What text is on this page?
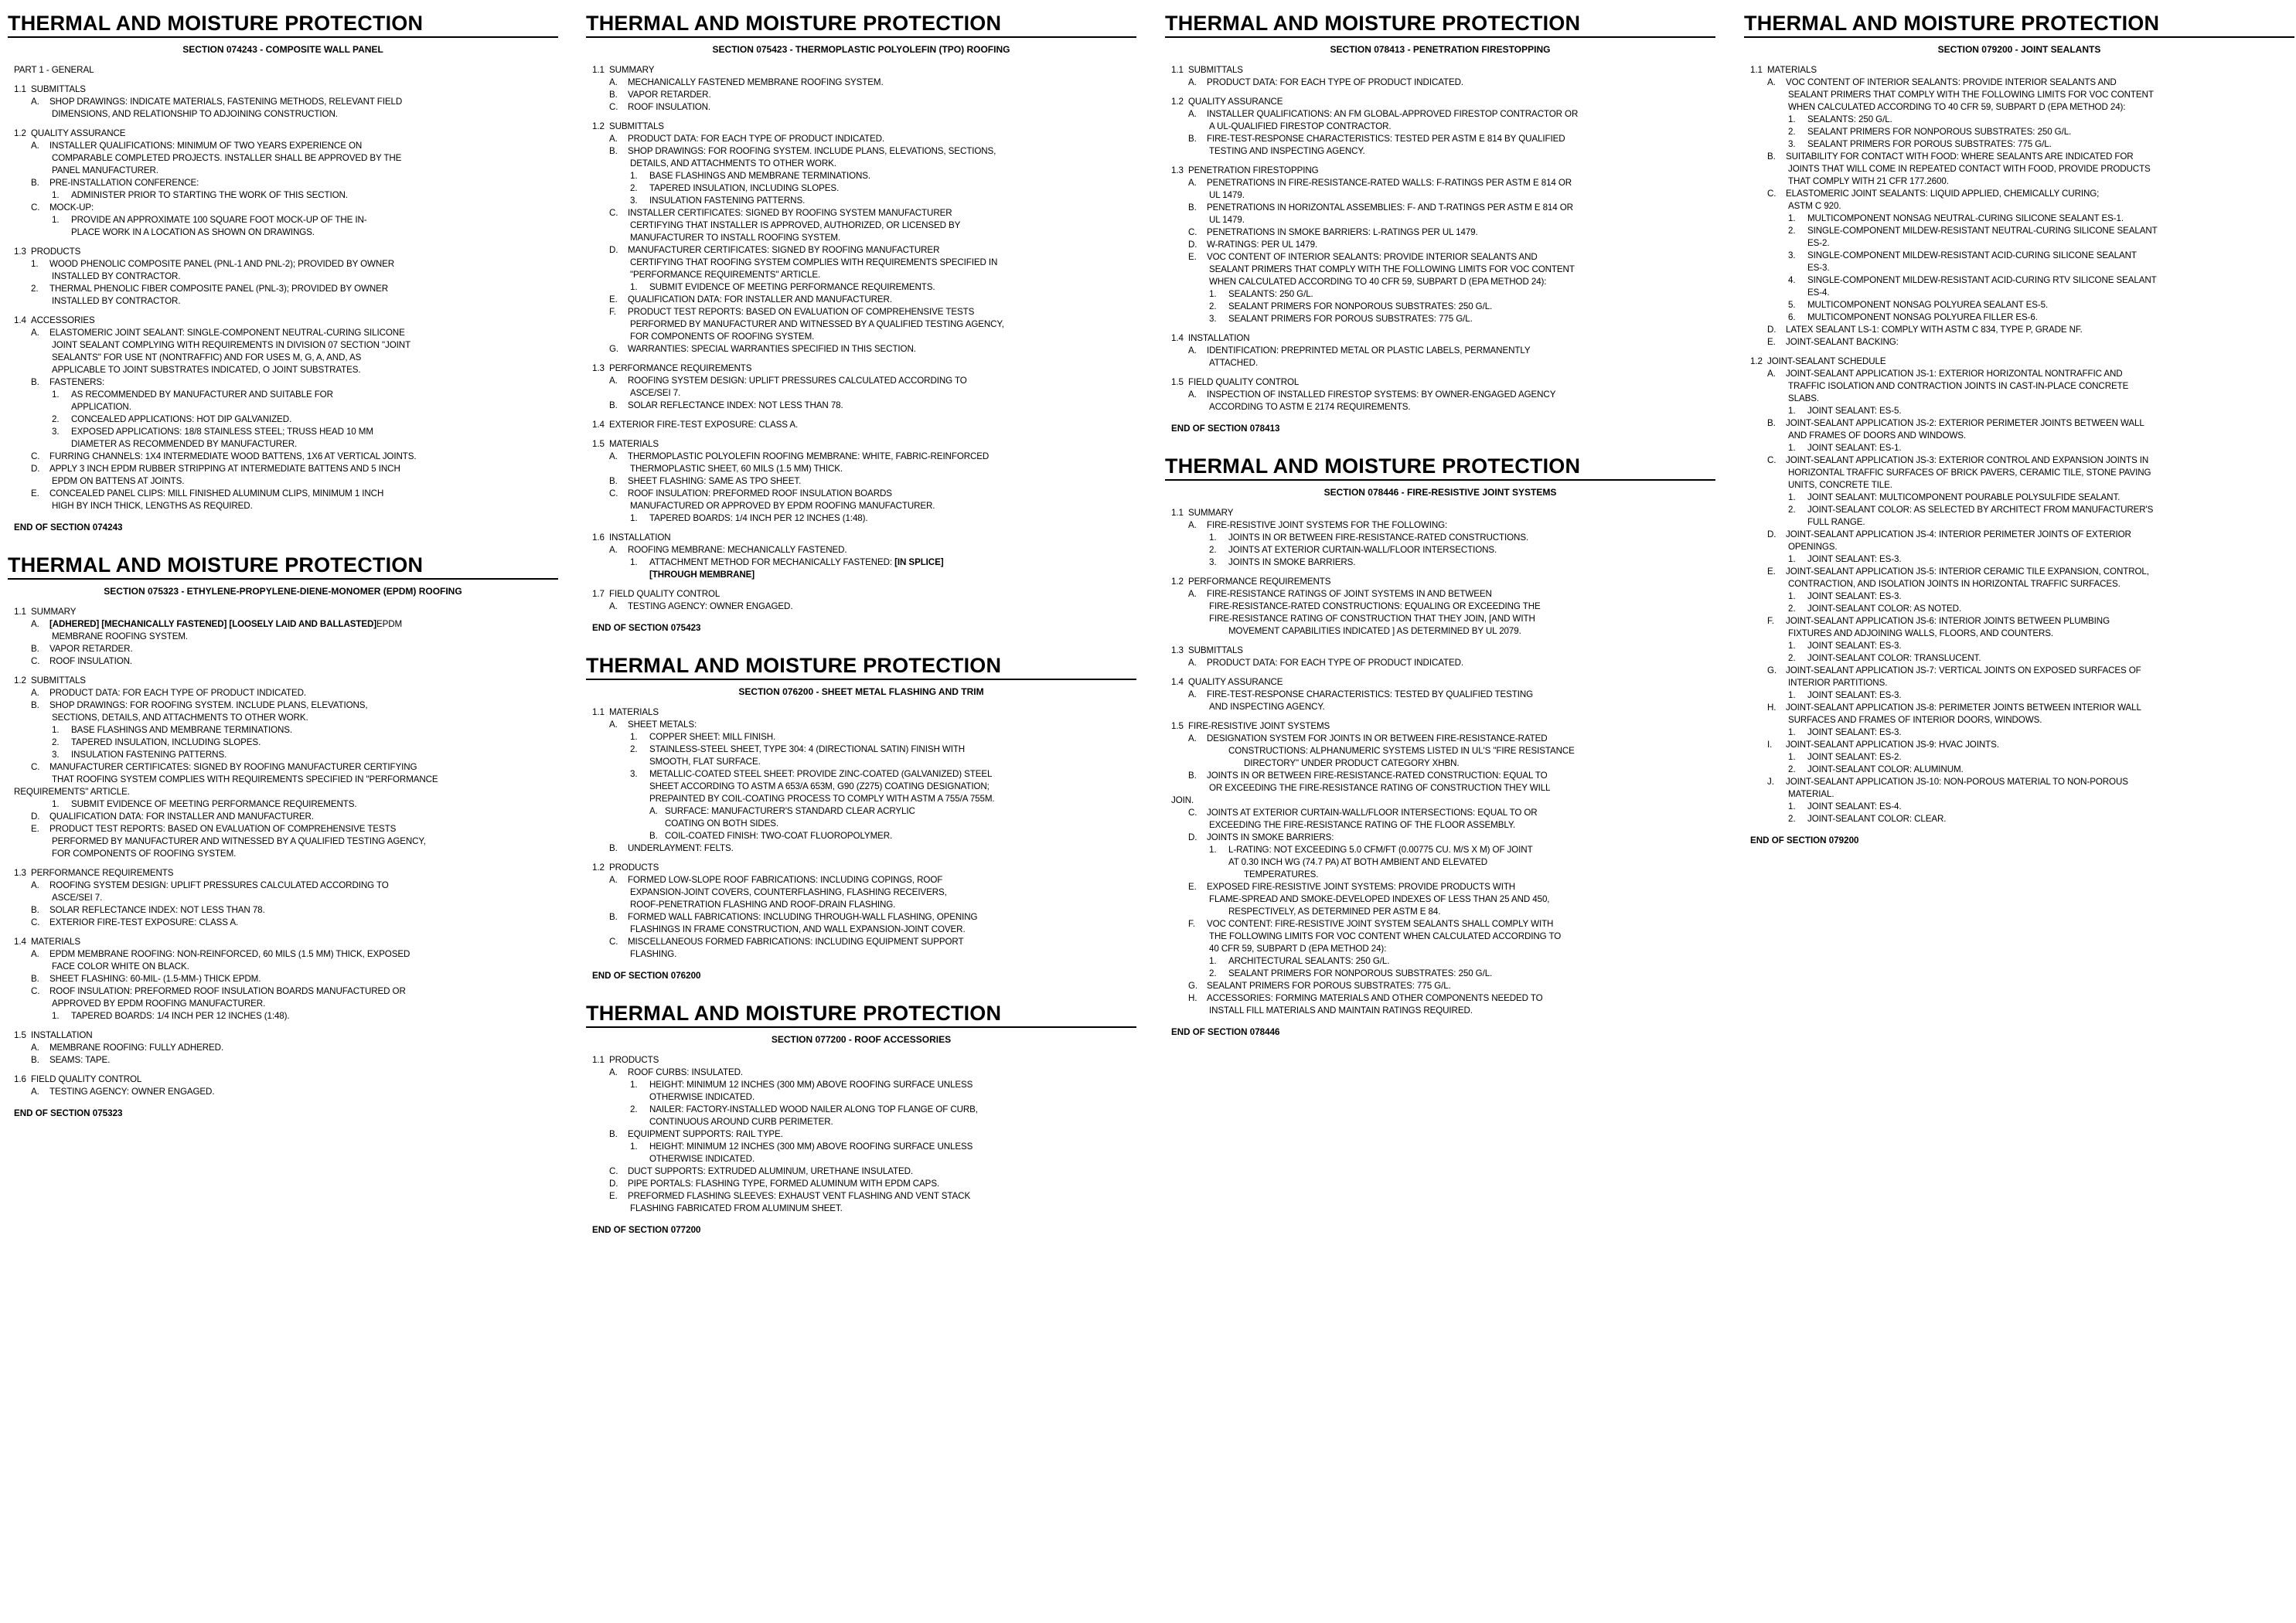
THERMAL AND MOISTURE PROTECTION
SECTION 074243 - COMPOSITE WALL PANEL
PART 1 - GENERAL
1.1 SUBMITTALS
A. SHOP DRAWINGS: INDICATE MATERIALS, FASTENING METHODS, RELEVANT FIELD
DIMENSIONS, AND RELATIONSHIP TO ADJOINING CONSTRUCTION.
1.2 QUALITY ASSURANCE
A. INSTALLER QUALIFICATIONS: MINIMUM OF TWO YEARS EXPERIENCE ON
COMPARABLE COMPLETED PROJECTS. INSTALLER SHALL BE APPROVED BY THE
PANEL MANUFACTURER.
B. PRE-INSTALLATION CONFERENCE:
1. ADMINISTER PRIOR TO STARTING THE WORK OF THIS SECTION.
C. MOCK-UP:
1. PROVIDE AN APPROXIMATE 100 SQUARE FOOT MOCK-UP OF THE IN-
PLACE WORK IN A LOCATION AS SHOWN ON DRAWINGS.
1.3 PRODUCTS
1. WOOD PHENOLIC COMPOSITE PANEL (PNL-1 AND PNL-2); PROVIDED BY OWNER
INSTALLED BY CONTRACTOR.
2. THERMAL PHENOLIC FIBER COMPOSITE PANEL (PNL-3); PROVIDED BY OWNER
INSTALLED BY CONTRACTOR.
1.4 ACCESSORIES
A. ELASTOMERIC JOINT SEALANT: SINGLE-COMPONENT NEUTRAL-CURING SILICONE
JOINT SEALANT COMPLYING WITH REQUIREMENTS IN DIVISION 07 SECTION "JOINT
SEALANTS" FOR USE NT (NONTRAFFIC) AND FOR USES M, G, A, AND, AS
APPLICABLE TO JOINT SUBSTRATES INDICATED, O JOINT SUBSTRATES.
B. FASTENERS:
1. AS RECOMMENDED BY MANUFACTURER AND SUITABLE FOR
APPLICATION.
2. CONCEALED APPLICATIONS: HOT DIP GALVANIZED.
3. EXPOSED APPLICATIONS: 18/8 STAINLESS STEEL; TRUSS HEAD 10 MM
DIAMETER AS RECOMMENDED BY MANUFACTURER.
C. FURRING CHANNELS: 1X4 INTERMEDIATE WOOD BATTENS, 1X6 AT VERTICAL JOINTS.
D. APPLY 3 INCH EPDM RUBBER STRIPPING AT INTERMEDIATE BATTENS AND 5 INCH
EPDM ON BATTENS AT JOINTS.
E. CONCEALED PANEL CLIPS: MILL FINISHED ALUMINUM CLIPS, MINIMUM 1 INCH
HIGH BY INCH THICK, LENGTHS AS REQUIRED.
END OF SECTION 074243
THERMAL AND MOISTURE PROTECTION
SECTION 075323 - ETHYLENE-PROPYLENE-DIENE-MONOMER (EPDM) ROOFING
1.1 SUMMARY
A. [ADHERED] [MECHANICALLY FASTENED] [LOOSELY LAID AND BALLASTED]EPDM
MEMBRANE ROOFING SYSTEM.
B. VAPOR RETARDER.
C. ROOF INSULATION.
1.2 SUBMITTALS
A. PRODUCT DATA: FOR EACH TYPE OF PRODUCT INDICATED.
B. SHOP DRAWINGS: FOR ROOFING SYSTEM. INCLUDE PLANS, ELEVATIONS,
SECTIONS, DETAILS, AND ATTACHMENTS TO OTHER WORK.
1. BASE FLASHINGS AND MEMBRANE TERMINATIONS.
2. TAPERED INSULATION, INCLUDING SLOPES.
3. INSULATION FASTENING PATTERNS.
C. MANUFACTURER CERTIFICATES: SIGNED BY ROOFING MANUFACTURER CERTIFYING
THAT ROOFING SYSTEM COMPLIES WITH REQUIREMENTS SPECIFIED IN "PERFORMANCE
REQUIREMENTS" ARTICLE.
1. SUBMIT EVIDENCE OF MEETING PERFORMANCE REQUIREMENTS.
D. QUALIFICATION DATA: FOR INSTALLER AND MANUFACTURER.
E. PRODUCT TEST REPORTS: BASED ON EVALUATION OF COMPREHENSIVE TESTS
PERFORMED BY MANUFACTURER AND WITNESSED BY A QUALIFIED TESTING AGENCY,
FOR COMPONENTS OF ROOFING SYSTEM.
1.3 PERFORMANCE REQUIREMENTS
A. ROOFING SYSTEM DESIGN: UPLIFT PRESSURES CALCULATED ACCORDING TO
ASCE/SEI 7.
B. SOLAR REFLECTANCE INDEX: NOT LESS THAN 78.
C. EXTERIOR FIRE-TEST EXPOSURE: CLASS A.
1.4 MATERIALS
A. EPDM MEMBRANE ROOFING: NON-REINFORCED, 60 MILS (1.5 MM) THICK, EXPOSED
FACE COLOR WHITE ON BLACK.
B. SHEET FLASHING: 60-MIL- (1.5-MM-) THICK EPDM.
C. ROOF INSULATION: PREFORMED ROOF INSULATION BOARDS MANUFACTURED OR
APPROVED BY EPDM ROOFING MANUFACTURER.
1. TAPERED BOARDS: 1/4 INCH PER 12 INCHES (1:48).
1.5 INSTALLATION
A. MEMBRANE ROOFING: FULLY ADHERED.
B. SEAMS: TAPE.
1.6 FIELD QUALITY CONTROL
A. TESTING AGENCY: OWNER ENGAGED.
END OF SECTION 075323
THERMAL AND MOISTURE PROTECTION
SECTION 075423 - THERMOPLASTIC POLYOLEFIN (TPO) ROOFING
1.1 SUMMARY
A. MECHANICALLY FASTENED MEMBRANE ROOFING SYSTEM.
B. VAPOR RETARDER.
C. ROOF INSULATION.
1.2 SUBMITTALS
A. PRODUCT DATA: FOR EACH TYPE OF PRODUCT INDICATED.
B. SHOP DRAWINGS: FOR ROOFING SYSTEM. INCLUDE PLANS, ELEVATIONS, SECTIONS,
DETAILS, AND ATTACHMENTS TO OTHER WORK.
1. BASE FLASHINGS AND MEMBRANE TERMINATIONS.
2. TAPERED INSULATION, INCLUDING SLOPES.
3. INSULATION FASTENING PATTERNS.
C. INSTALLER CERTIFICATES: SIGNED BY ROOFING SYSTEM MANUFACTURER
CERTIFYING THAT INSTALLER IS APPROVED, AUTHORIZED, OR LICENSED BY
MANUFACTURER TO INSTALL ROOFING SYSTEM.
D. MANUFACTURER CERTIFICATES: SIGNED BY ROOFING MANUFACTURER
CERTIFYING THAT ROOFING SYSTEM COMPLIES WITH REQUIREMENTS SPECIFIED IN
"PERFORMANCE REQUIREMENTS" ARTICLE.
1. SUBMIT EVIDENCE OF MEETING PERFORMANCE REQUIREMENTS.
E. QUALIFICATION DATA: FOR INSTALLER AND MANUFACTURER.
F. PRODUCT TEST REPORTS: BASED ON EVALUATION OF COMPREHENSIVE TESTS
PERFORMED BY MANUFACTURER AND WITNESSED BY A QUALIFIED TESTING AGENCY,
FOR COMPONENTS OF ROOFING SYSTEM.
G. WARRANTIES: SPECIAL WARRANTIES SPECIFIED IN THIS SECTION.
1.3 PERFORMANCE REQUIREMENTS
A. ROOFING SYSTEM DESIGN: UPLIFT PRESSURES CALCULATED ACCORDING TO
ASCE/SEI 7.
B. SOLAR REFLECTANCE INDEX: NOT LESS THAN 78.
1.4 EXTERIOR FIRE-TEST EXPOSURE: CLASS A.
1.5 MATERIALS
A. THERMOPLASTIC POLYOLEFIN ROOFING MEMBRANE: WHITE, FABRIC-REINFORCED
THERMOPLASTIC SHEET, 60 MILS (1.5 MM) THICK.
B. SHEET FLASHING: SAME AS TPO SHEET.
C. ROOF INSULATION: PREFORMED ROOF INSULATION BOARDS
MANUFACTURED OR APPROVED BY EPDM ROOFING MANUFACTURER.
1. TAPERED BOARDS: 1/4 INCH PER 12 INCHES (1:48).
1.6 INSTALLATION
A. ROOFING MEMBRANE: MECHANICALLY FASTENED.
1. ATTACHMENT METHOD FOR MECHANICALLY FASTENED: [IN SPLICE]
[THROUGH MEMBRANE]
1.7 FIELD QUALITY CONTROL
A. TESTING AGENCY: OWNER ENGAGED.
END OF SECTION 075423
THERMAL AND MOISTURE PROTECTION
SECTION 076200 - SHEET METAL FLASHING AND TRIM
1.1 MATERIALS
A. SHEET METALS:
1. COPPER SHEET: MILL FINISH.
2. STAINLESS-STEEL SHEET, TYPE 304: 4 (DIRECTIONAL SATIN) FINISH WITH
SMOOTH, FLAT SURFACE.
3. METALLIC-COATED STEEL SHEET: PROVIDE ZINC-COATED (GALVANIZED) STEEL
SHEET ACCORDING TO ASTM A 653/A 653M, G90 (Z275) COATING DESIGNATION;
PREPAINTED BY COIL-COATING PROCESS TO COMPLY WITH ASTM A 755/A 755M.
A. SURFACE: MANUFACTURER'S STANDARD CLEAR ACRYLIC
COATING ON BOTH SIDES.
B. COIL-COATED FINISH: TWO-COAT FLUOROPOLYMER.
B. UNDERLAYMENT: FELTS.
1.2 PRODUCTS
A. FORMED LOW-SLOPE ROOF FABRICATIONS: INCLUDING COPINGS, ROOF
EXPANSION-JOINT COVERS, COUNTERFLASHING, FLASHING RECEIVERS,
ROOF-PENETRATION FLASHING AND ROOF-DRAIN FLASHING.
B. FORMED WALL FABRICATIONS: INCLUDING THROUGH-WALL FLASHING, OPENING
FLASHINGS IN FRAME CONSTRUCTION, AND WALL EXPANSION-JOINT COVER.
C. MISCELLANEOUS FORMED FABRICATIONS: INCLUDING EQUIPMENT SUPPORT
FLASHING.
END OF SECTION 076200
THERMAL AND MOISTURE PROTECTION
SECTION 077200 - ROOF ACCESSORIES
1.1 PRODUCTS
A. ROOF CURBS: INSULATED.
1. HEIGHT: MINIMUM 12 INCHES (300 MM) ABOVE ROOFING SURFACE UNLESS
OTHERWISE INDICATED.
2. NAILER: FACTORY-INSTALLED WOOD NAILER ALONG TOP FLANGE OF CURB,
CONTINUOUS AROUND CURB PERIMETER.
B. EQUIPMENT SUPPORTS: RAIL TYPE.
1. HEIGHT: MINIMUM 12 INCHES (300 MM) ABOVE ROOFING SURFACE UNLESS
OTHERWISE INDICATED.
C. DUCT SUPPORTS: EXTRUDED ALUMINUM, URETHANE INSULATED.
D. PIPE PORTALS: FLASHING TYPE, FORMED ALUMINUM WITH EPDM CAPS.
E. PREFORMED FLASHING SLEEVES: EXHAUST VENT FLASHING AND VENT STACK
FLASHING FABRICATED FROM ALUMINUM SHEET.
END OF SECTION 077200
THERMAL AND MOISTURE PROTECTION
SECTION 078413 - PENETRATION FIRESTOPPING
1.1 SUBMITTALS
A. PRODUCT DATA: FOR EACH TYPE OF PRODUCT INDICATED.
1.2 QUALITY ASSURANCE
A. INSTALLER QUALIFICATIONS: AN FM GLOBAL-APPROVED FIRESTOP CONTRACTOR OR
A UL-QUALIFIED FIRESTOP CONTRACTOR.
B. FIRE-TEST-RESPONSE CHARACTERISTICS: TESTED PER ASTM E 814 BY QUALIFIED
TESTING AND INSPECTING AGENCY.
1.3 PENETRATION FIRESTOPPING
A. PENETRATIONS IN FIRE-RESISTANCE-RATED WALLS: F-RATINGS PER ASTM E 814 OR
UL 1479.
B. PENETRATIONS IN HORIZONTAL ASSEMBLIES: F- AND T-RATINGS PER ASTM E 814 OR
UL 1479.
C. PENETRATIONS IN SMOKE BARRIERS: L-RATINGS PER UL 1479.
D. W-RATINGS: PER UL 1479.
E. VOC CONTENT OF INTERIOR SEALANTS: PROVIDE INTERIOR SEALANTS AND
SEALANT PRIMERS THAT COMPLY WITH THE FOLLOWING LIMITS FOR VOC CONTENT
WHEN CALCULATED ACCORDING TO 40 CFR 59, SUBPART D (EPA METHOD 24):
1. SEALANTS: 250 G/L.
2. SEALANT PRIMERS FOR NONPOROUS SUBSTRATES: 250 G/L.
3. SEALANT PRIMERS FOR POROUS SUBSTRATES: 775 G/L.
1.4 INSTALLATION
A. IDENTIFICATION: PREPRINTED METAL OR PLASTIC LABELS, PERMANENTLY
ATTACHED.
1.5 FIELD QUALITY CONTROL
A. INSPECTION OF INSTALLED FIRESTOP SYSTEMS: BY OWNER-ENGAGED AGENCY
ACCORDING TO ASTM E 2174 REQUIREMENTS.
END OF SECTION 078413
THERMAL AND MOISTURE PROTECTION
SECTION 078446 - FIRE-RESISTIVE JOINT SYSTEMS
1.1 SUMMARY
A. FIRE-RESISTIVE JOINT SYSTEMS FOR THE FOLLOWING:
1. JOINTS IN OR BETWEEN FIRE-RESISTANCE-RATED CONSTRUCTIONS.
2. JOINTS AT EXTERIOR CURTAIN-WALL/FLOOR INTERSECTIONS.
3. JOINTS IN SMOKE BARRIERS.
1.2 PERFORMANCE REQUIREMENTS
A. FIRE-RESISTANCE RATINGS OF JOINT SYSTEMS IN AND BETWEEN
FIRE-RESISTANCE-RATED CONSTRUCTIONS: EQUALING OR EXCEEDING THE
FIRE-RESISTANCE RATING OF CONSTRUCTION THAT THEY JOIN, [AND WITH
MOVEMENT CAPABILITIES INDICATED ] AS DETERMINED BY UL 2079.
1.3 SUBMITTALS
A. PRODUCT DATA: FOR EACH TYPE OF PRODUCT INDICATED.
1.4 QUALITY ASSURANCE
A. FIRE-TEST-RESPONSE CHARACTERISTICS: TESTED BY QUALIFIED TESTING
AND INSPECTING AGENCY.
1.5 FIRE-RESISTIVE JOINT SYSTEMS
A. DESIGNATION SYSTEM FOR JOINTS IN OR BETWEEN FIRE-RESISTANCE-RATED
CONSTRUCTIONS: ALPHANUMERIC SYSTEMS LISTED IN UL'S "FIRE RESISTANCE
DIRECTORY" UNDER PRODUCT CATEGORY XHBN.
B. JOINTS IN OR BETWEEN FIRE-RESISTANCE-RATED CONSTRUCTION: EQUAL TO
OR EXCEEDING THE FIRE-RESISTANCE RATING OF CONSTRUCTION THEY WILL
JOIN.
C. JOINTS AT EXTERIOR CURTAIN-WALL/FLOOR INTERSECTIONS: EQUAL TO OR
EXCEEDING THE FIRE-RESISTANCE RATING OF THE FLOOR ASSEMBLY.
D. JOINTS IN SMOKE BARRIERS:
1. L-RATING: NOT EXCEEDING 5.0 CFM/FT (0.00775 CU. M/S X M) OF JOINT
AT 0.30 INCH WG (74.7 PA) AT BOTH AMBIENT AND ELEVATED
TEMPERATURES.
E. EXPOSED FIRE-RESISTIVE JOINT SYSTEMS: PROVIDE PRODUCTS WITH
FLAME-SPREAD AND SMOKE-DEVELOPED INDEXES OF LESS THAN 25 AND 450,
RESPECTIVELY, AS DETERMINED PER ASTM E 84.
F. VOC CONTENT: FIRE-RESISTIVE JOINT SYSTEM SEALANTS SHALL COMPLY WITH
THE FOLLOWING LIMITS FOR VOC CONTENT WHEN CALCULATED ACCORDING TO
40 CFR 59, SUBPART D (EPA METHOD 24):
1. ARCHITECTURAL SEALANTS: 250 G/L.
2. SEALANT PRIMERS FOR NONPOROUS SUBSTRATES: 250 G/L.
G. SEALANT PRIMERS FOR POROUS SUBSTRATES: 775 G/L.
H. ACCESSORIES: FORMING MATERIALS AND OTHER COMPONENTS NEEDED TO
INSTALL FILL MATERIALS AND MAINTAIN RATINGS REQUIRED.
END OF SECTION 078446
THERMAL AND MOISTURE PROTECTION
SECTION 079200 - JOINT SEALANTS
1.1 MATERIALS
A. VOC CONTENT OF INTERIOR SEALANTS: PROVIDE INTERIOR SEALANTS AND
SEALANT PRIMERS THAT COMPLY WITH THE FOLLOWING LIMITS FOR VOC CONTENT
WHEN CALCULATED ACCORDING TO 40 CFR 59, SUBPART D (EPA METHOD 24):
1. SEALANTS: 250 G/L.
2. SEALANT PRIMERS FOR NONPOROUS SUBSTRATES: 250 G/L.
3. SEALANT PRIMERS FOR POROUS SUBSTRATES: 775 G/L.
B. SUITABILITY FOR CONTACT WITH FOOD: WHERE SEALANTS ARE INDICATED FOR
JOINTS THAT WILL COME IN REPEATED CONTACT WITH FOOD, PROVIDE PRODUCTS
THAT COMPLY WITH 21 CFR 177.2600.
C. ELASTOMERIC JOINT SEALANTS: LIQUID APPLIED, CHEMICALLY CURING;
ASTM C 920.
1. MULTICOMPONENT NONSAG NEUTRAL-CURING SILICONE SEALANT ES-1.
2. SINGLE-COMPONENT MILDEW-RESISTANT NEUTRAL-CURING SILICONE SEALANT
ES-2.
3. SINGLE-COMPONENT MILDEW-RESISTANT ACID-CURING SILICONE SEALANT
ES-3.
4. SINGLE-COMPONENT MILDEW-RESISTANT ACID-CURING RTV SILICONE SEALANT
ES-4.
5. MULTICOMPONENT NONSAG POLYUREA SEALANT ES-5.
6. MULTICOMPONENT NONSAG POLYUREA FILLER ES-6.
D. LATEX SEALANT LS-1: COMPLY WITH ASTM C 834, TYPE P, GRADE NF.
E. JOINT-SEALANT BACKING:
1.2 JOINT-SEALANT SCHEDULE
A. JOINT-SEALANT APPLICATION JS-1: EXTERIOR HORIZONTAL NONTRAFFIC AND
TRAFFIC ISOLATION AND CONTRACTION JOINTS IN CAST-IN-PLACE CONCRETE
SLABS.
1. JOINT SEALANT: ES-5.
B. JOINT-SEALANT APPLICATION JS-2: EXTERIOR PERIMETER JOINTS BETWEEN WALL
AND FRAMES OF DOORS AND WINDOWS.
1. JOINT SEALANT: ES-1.
C. JOINT-SEALANT APPLICATION JS-3: EXTERIOR CONTROL AND EXPANSION JOINTS IN
HORIZONTAL TRAFFIC SURFACES OF BRICK PAVERS, CERAMIC TILE, STONE PAVING
UNITS, CONCRETE TILE.
1. JOINT SEALANT: MULTICOMPONENT POURABLE POLYSULFIDE SEALANT.
2. JOINT-SEALANT COLOR: AS SELECTED BY ARCHITECT FROM MANUFACTURER'S
FULL RANGE.
D. JOINT-SEALANT APPLICATION JS-4: INTERIOR PERIMETER JOINTS OF EXTERIOR
OPENINGS.
1. JOINT SEALANT: ES-3.
E. JOINT-SEALANT APPLICATION JS-5: INTERIOR CERAMIC TILE EXPANSION, CONTROL,
CONTRACTION, AND ISOLATION JOINTS IN HORIZONTAL TRAFFIC SURFACES.
1. JOINT SEALANT: ES-3.
2. JOINT-SEALANT COLOR: AS NOTED.
F. JOINT-SEALANT APPLICATION JS-6: INTERIOR JOINTS BETWEEN PLUMBING
FIXTURES AND ADJOINING WALLS, FLOORS, AND COUNTERS.
1. JOINT SEALANT: ES-3.
2. JOINT-SEALANT COLOR: TRANSLUCENT.
G. JOINT-SEALANT APPLICATION JS-7: VERTICAL JOINTS ON EXPOSED SURFACES OF
INTERIOR PARTITIONS.
1. JOINT SEALANT: ES-3.
H. JOINT-SEALANT APPLICATION JS-8: PERIMETER JOINTS BETWEEN INTERIOR WALL
SURFACES AND FRAMES OF INTERIOR DOORS, WINDOWS.
1. JOINT SEALANT: ES-3.
I. JOINT-SEALANT APPLICATION JS-9: HVAC JOINTS.
1. JOINT SEALANT: ES-2.
2. JOINT-SEALANT COLOR: ALUMINUM.
J. JOINT-SEALANT APPLICATION JS-10: NON-POROUS MATERIAL TO NON-POROUS
MATERIAL.
1. JOINT SEALANT: ES-4.
2. JOINT-SEALANT COLOR: CLEAR.
END OF SECTION 079200
